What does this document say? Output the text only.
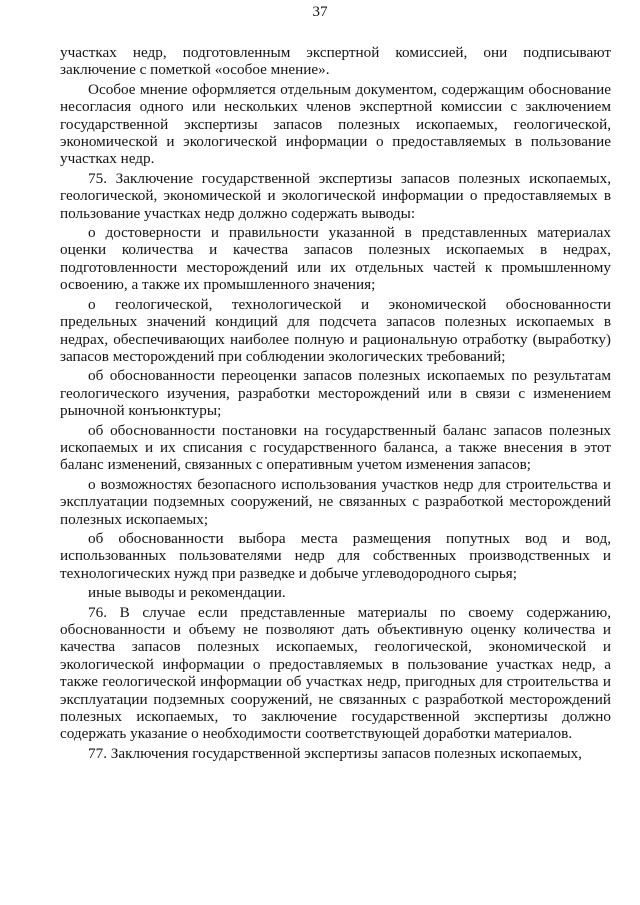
37

участках недр, подготовленным экспертной комиссией, они подписывают заключение с пометкой «особое мнение».

Особое мнение оформляется отдельным документом, содержащим обоснование несогласия одного или нескольких членов экспертной комиссии с заключением государственной экспертизы запасов полезных ископаемых, геологической, экономической и экологической информации о предоставляемых в пользование участках недр.

75. Заключение государственной экспертизы запасов полезных ископаемых, геологической, экономической и экологической информации о предоставляемых в пользование участках недр должно содержать выводы:

о достоверности и правильности указанной в представленных материалах оценки количества и качества запасов полезных ископаемых в недрах, подготовленности месторождений или их отдельных частей к промышленному освоению, а также их промышленного значения;

о геологической, технологической и экономической обоснованности предельных значений кондиций для подсчета запасов полезных ископаемых в недрах, обеспечивающих наиболее полную и рациональную отработку (выработку) запасов месторождений при соблюдении экологических требований;

об обоснованности переоценки запасов полезных ископаемых по результатам геологического изучения, разработки месторождений или в связи с изменением рыночной конъюнктуры;

об обоснованности постановки на государственный баланс запасов полезных ископаемых и их списания с государственного баланса, а также внесения в этот баланс изменений, связанных с оперативным учетом изменения запасов;

о возможностях безопасного использования участков недр для строительства и эксплуатации подземных сооружений, не связанных с разработкой месторождений полезных ископаемых;

об обоснованности выбора места размещения попутных вод и вод, использованных пользователями недр для собственных производственных и технологических нужд при разведке и добыче углеводородного сырья;

иные выводы и рекомендации.

76. В случае если представленные материалы по своему содержанию, обоснованности и объему не позволяют дать объективную оценку количества и качества запасов полезных ископаемых, геологической, экономической и экологической информации о предоставляемых в пользование участках недр, а также геологической информации об участках недр, пригодных для строительства и эксплуатации подземных сооружений, не связанных с разработкой месторождений полезных ископаемых, то заключение государственной экспертизы должно содержать указание о необходимости соответствующей доработки материалов.

77. Заключения государственной экспертизы запасов полезных ископаемых,
